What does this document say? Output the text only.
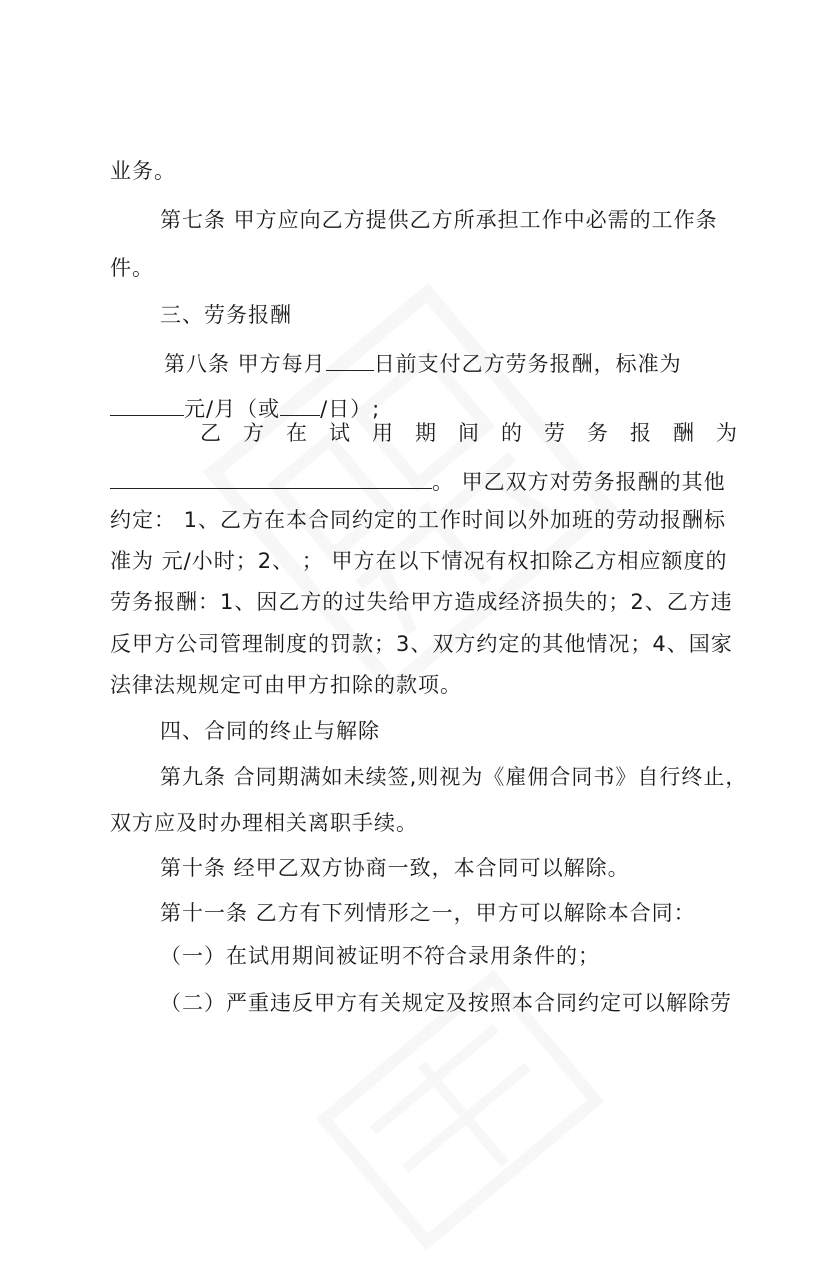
业务。
第七条 甲方应向乙方提供乙方所承担工作中必需的工作条
件。
三、劳务报酬
第八条 甲方每月 日前支付乙方劳务报酬，标准为
元/月（或 /日）;
乙 方 在 试 用 期 间 的 劳 务 报 酬 为
。 甲乙双方对劳务报酬的其他
约定： 1、乙方在本合同约定的工作时间以外加班的劳动报酬标
准为 元/小时；2、 ； 甲方在以下情况有权扣除乙方相应额度的
劳务报酬：1、因乙方的过失给甲方造成经济损失的；2、乙方违
反甲方公司管理制度的罚款；3、双方约定的其他情况；4、国家
法律法规规定可由甲方扣除的款项。
四、合同的终止与解除
第九条 合同期满如未续签,则视为《雇佣合同书》自行终止，
双方应及时办理相关离职手续。
第十条 经甲乙双方协商一致，本合同可以解除。
第十一条 乙方有下列情形之一，甲方可以解除本合同：
（一）在试用期间被证明不符合录用条件的；
（二）严重违反甲方有关规定及按照本合同约定可以解除劳
